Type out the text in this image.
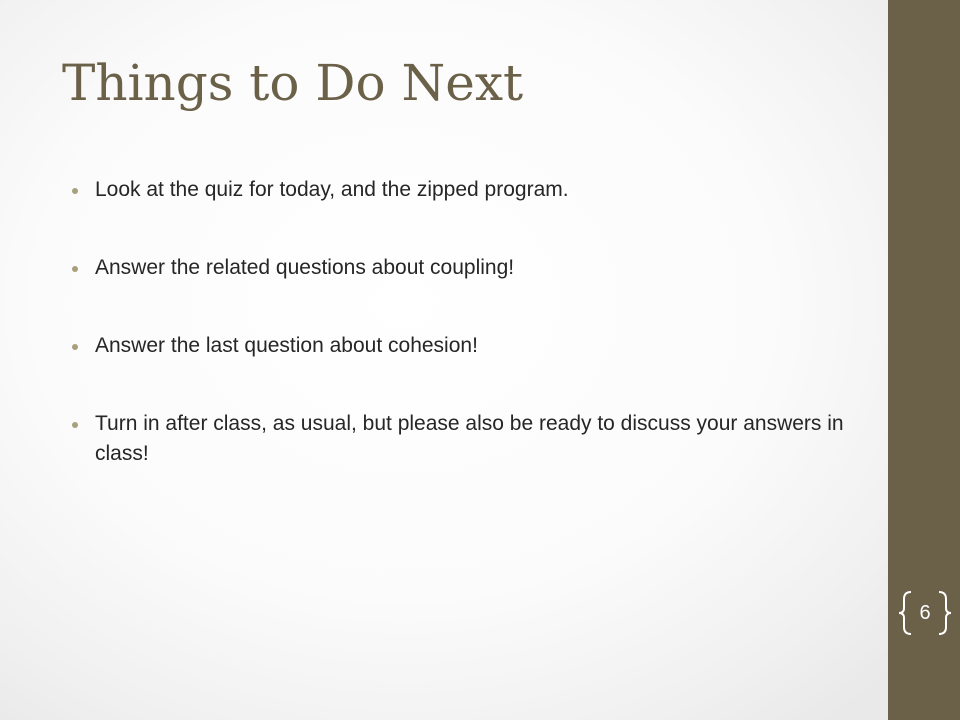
Things to Do Next
Look at the quiz for today, and the zipped program.
Answer the related questions about coupling!
Answer the last question about cohesion!
Turn in after class, as usual, but please also be ready to discuss your answers in class!
6
